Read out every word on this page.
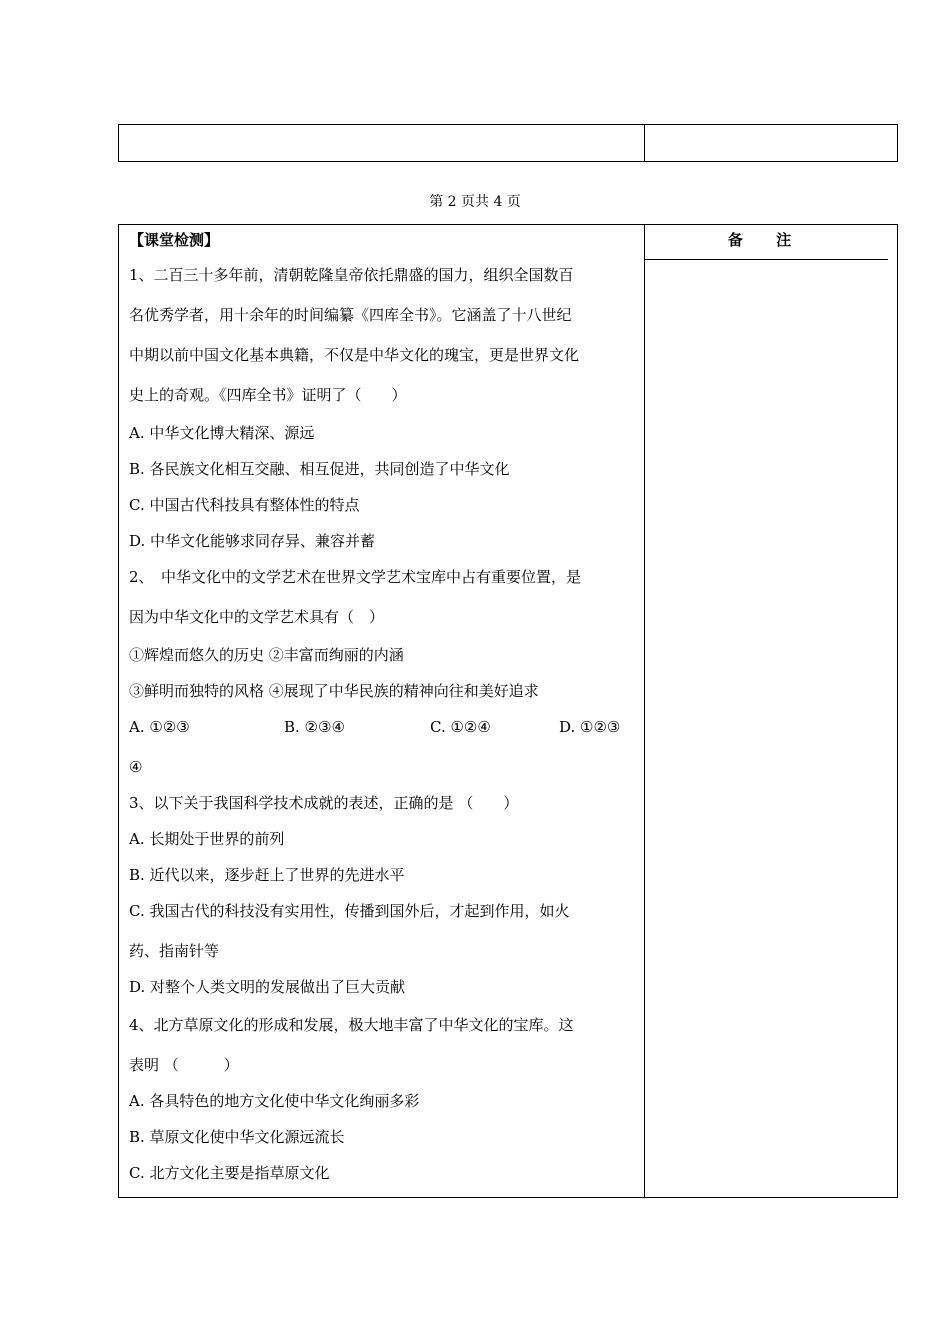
第 2 页共 4 页
备 注
【课堂检测】
1、二百三十多年前，清朝乾隆皇帝依托鼎盛的国力，组织全国数百
名优秀学者，用十余年的时间编纂《四库全书》。它涵盖了十八世纪
中期以前中国文化基本典籍，不仅是中华文化的瑰宝，更是世界文化
史上的奇观。《四库全书》证明了（　　）
A. 中华文化博大精深、源远
B. 各民族文化相互交融、相互促进，共同创造了中华文化
C. 中国古代科技具有整体性的特点
D. 中华文化能够求同存异、兼容并蓄
2、　中华文化中的文学艺术在世界文学艺术宝库中占有重要位置，是
因为中华文化中的文学艺术具有（　）
①辉煌而悠久的历史 ②丰富而绚丽的内涵
③鲜明而独特的风格 ④展现了中华民族的精神向往和美好追求
A. ①②③	B. ②③④	C. ①②④	D. ①②③
④
3、以下关于我国科学技术成就的表述，正确的是 （　　）
A. 长期处于世界的前列
B. 近代以来，逐步赶上了世界的先进水平
C. 我国古代的科技没有实用性，传播到国外后，才起到作用，如火
药、指南针等
D. 对整个人类文明的发展做出了巨大贡献
4、北方草原文化的形成和发展，极大地丰富了中华文化的宝库。这
表明 （　　　）
A. 各具特色的地方文化使中华文化绚丽多彩
B. 草原文化使中华文化源远流长
C. 北方文化主要是指草原文化
